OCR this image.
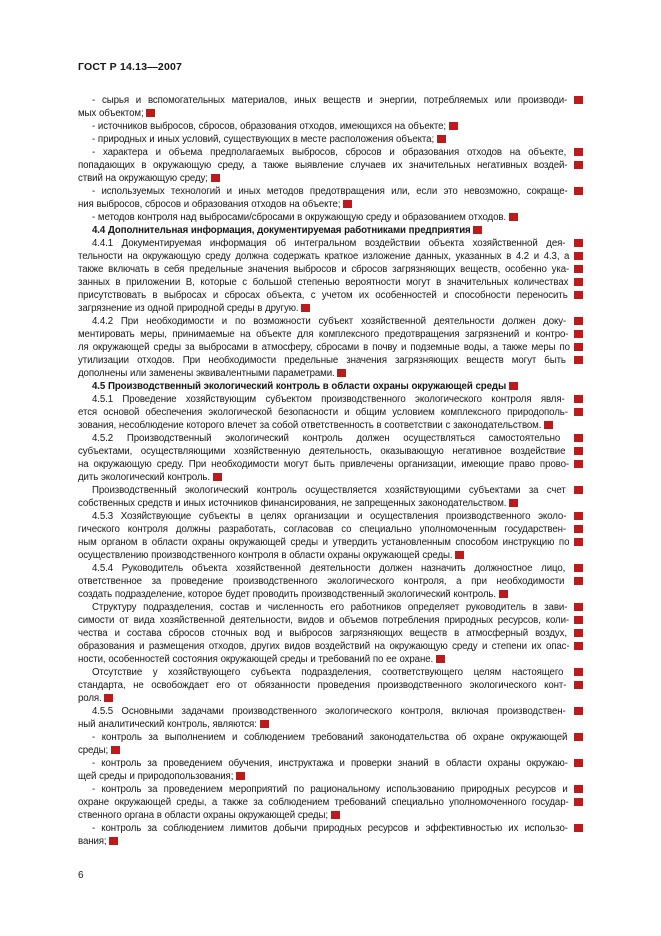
ГОСТ Р 14.13—2007
- сырья и вспомогательных материалов, иных веществ и энергии, потребляемых или производи-
мых объектом;
- источников выбросов, сбросов, образования отходов, имеющихся на объекте;
- природных и иных условий, существующих в месте расположения объекта;
- характера и объема предполагаемых выбросов, сбросов и образования отходов на объекте,
попадающих в окружающую среду, а также выявление случаев их значительных негативных воздей-
ствий на окружающую среду;
- используемых технологий и иных методов предотвращения или, если это невозможно, сокраще-
ния выбросов, сбросов и образования отходов на объекте;
- методов контроля над выбросами/сбросами в окружающую среду и образованием отходов.
4.4 Дополнительная информация, документируемая работниками предприятия
4.4.1 Документируемая информация об интегральном воздействии объекта хозяйственной дея-
тельности на окружающую среду должна содержать краткое изложение данных, указанных в 4.2 и 4.3, а
также включать в себя предельные значения выбросов и сбросов загрязняющих веществ, особенно ука-
занных в приложении В, которые с большой степенью вероятности могут в значительных количествах
присутствовать в выбросах и сбросах объекта, с учетом их особенностей и способности переносить
загрязнение из одной природной среды в другую.
4.4.2 При необходимости и по возможности субъект хозяйственной деятельности должен доку-
ментировать меры, принимаемые на объекте для комплексного предотвращения загрязнений и контро-
ля окружающей среды за выбросами в атмосферу, сбросами в почву и подземные воды, а также меры по
утилизации отходов. При необходимости предельные значения загрязняющих веществ могут быть
дополнены или заменены эквивалентными параметрами.
4.5 Производственный экологический контроль в области охраны окружающей среды
4.5.1 Проведение хозяйствующим субъектом производственного экологического контроля явля-
ется основой обеспечения экологической безопасности и общим условием комплексного природополь-
зования, несоблюдение которого влечет за собой ответственность в соответствии с законодательством.
4.5.2 Производственный экологический контроль должен осуществляться самостоятельно
субъектами, осуществляющими хозяйственную деятельность, оказывающую негативное воздействие
на окружающую среду. При необходимости могут быть привлечены организации, имеющие право прово-
дить экологический контроль.
Производственный экологический контроль осуществляется хозяйствующими субъектами за счет
собственных средств и иных источников финансирования, не запрещенных законодательством.
4.5.3 Хозяйствующие субъекты в целях организации и осуществления производственного эколо-
гического контроля должны разработать, согласовав со специально уполномоченным государствен-
ным органом в области охраны окружающей среды и утвердить установленным способом инструкцию по
осуществлению производственного контроля в области охраны окружающей среды.
4.5.4 Руководитель объекта хозяйственной деятельности должен назначить должностное лицо,
ответственное за проведение производственного экологического контроля, а при необходимости
создать подразделение, которое будет проводить производственный экологический контроль.
Структуру подразделения, состав и численность его работников определяет руководитель в зави-
симости от вида хозяйственной деятельности, видов и объемов потребления природных ресурсов, коли-
чества и состава сбросов сточных вод и выбросов загрязняющих веществ в атмосферный воздух,
образования и размещения отходов, других видов воздействий на окружающую среду и степени их опас-
ности, особенностей состояния окружающей среды и требований по ее охране.
Отсутствие у хозяйствующего субъекта подразделения, соответствующего целям настоящего
стандарта, не освобождает его от обязанности проведения производственного экологического конт-
роля.
4.5.5 Основными задачами производственного экологического контроля, включая производствен-
ный аналитический контроль, являются:
- контроль за выполнением и соблюдением требований законодательства об охране окружающей
среды;
- контроль за проведением обучения, инструктажа и проверки знаний в области охраны окружаю-
щей среды и природопользования;
- контроль за проведением мероприятий по рациональному использованию природных ресурсов и
охране окружающей среды, а также за соблюдением требований специально уполномоченного государ-
ственного органа в области охраны окружающей среды;
- контроль за соблюдением лимитов добычи природных ресурсов и эффективностью их использо-
вания;
6
